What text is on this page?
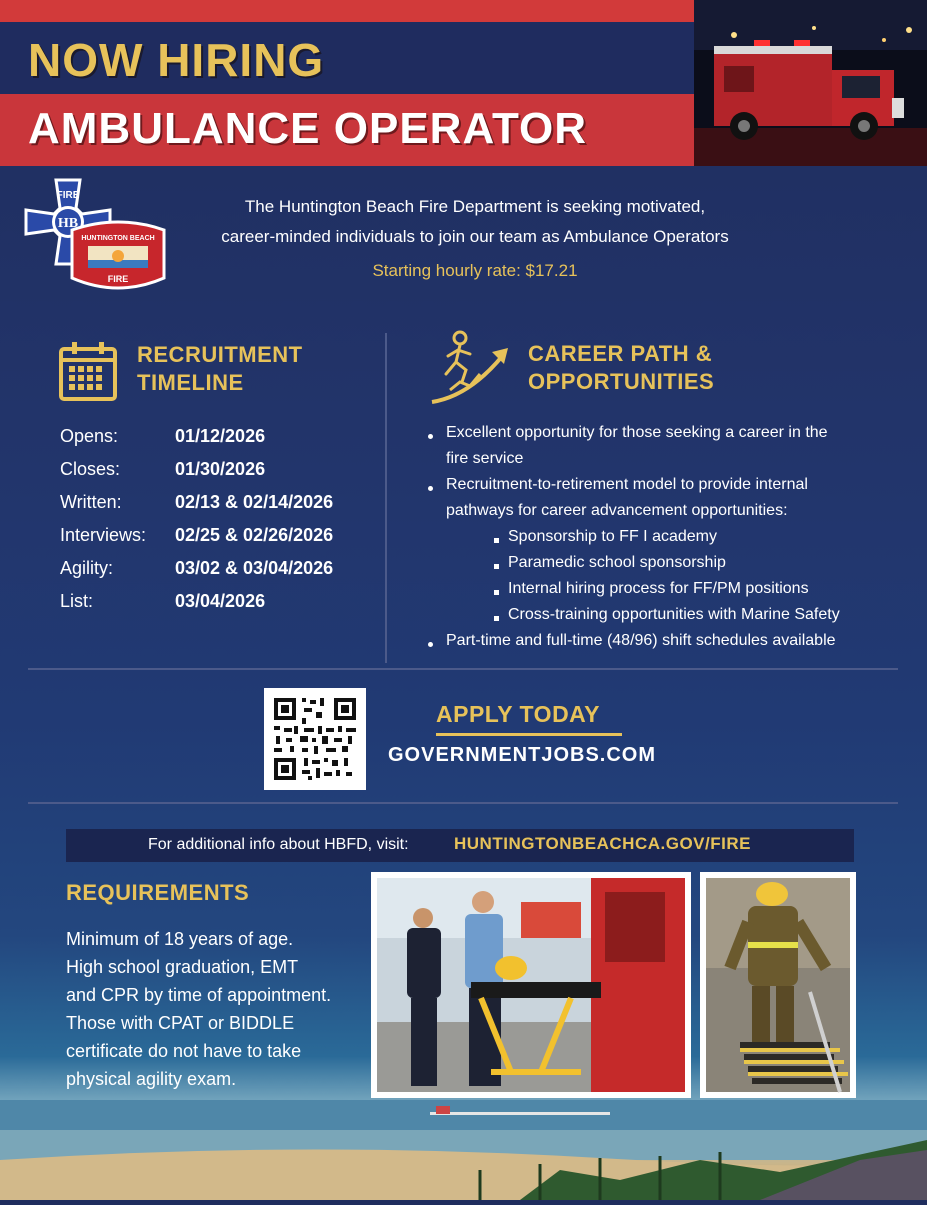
NOW HIRING
AMBULANCE OPERATOR
HB
FIRE
HUNTINGTON BEACH
FIRE
The Huntington Beach Fire Department is seeking motivated,
career-minded individuals to join our team as Ambulance Operators
Starting hourly rate: $17.21
RECRUITMENT
TIMELINE
Opens:	01/12/2026
Closes:	01/30/2026
Written:	02/13 & 02/14/2026
Interviews: 02/25 & 02/26/2026
Agility:	03/02 & 03/04/2026
List:	03/04/2026
CAREER PATH &
OPPORTUNITIES
Excellent opportunity for those seeking a career in the
fire service
Recruitment-to-retirement model to provide internal
pathways for career advancement opportunities:
Sponsorship to FF I academy
Paramedic school sponsorship
Internal hiring process for FF/PM positions
Cross-training opportunities with Marine Safety
Part-time and full-time (48/96) shift schedules available
APPLY TODAY
GOVERNMENTJOBS.COM
For additional info about HBFD, visit:	HUNTINGTONBEACHCA.GOV/FIRE
REQUIREMENTS
Minimum of 18 years of age.
High school graduation, EMT
and CPR by time of appointment.
Those with CPAT or BIDDLE
certificate do not have to take
physical agility exam.
